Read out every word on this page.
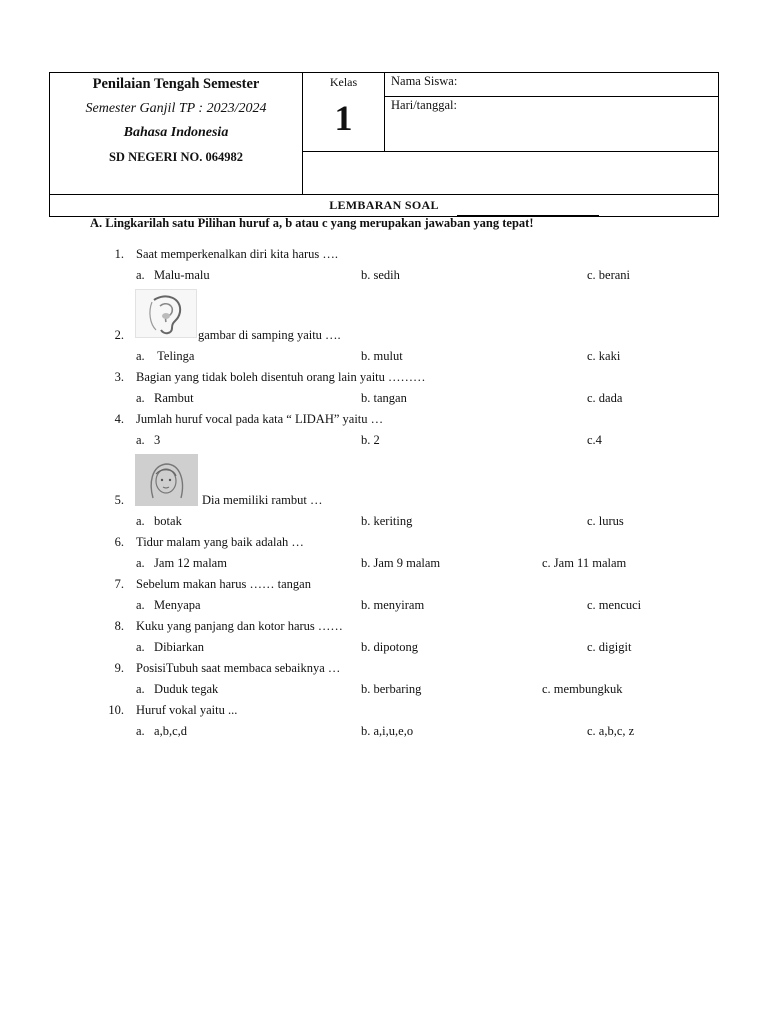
Penilaian Tengah Semester
Semester Ganjil TP : 2023/2024
Bahasa Indonesia
SD NEGERI NO. 064982
Kelas
1
Nama Siswa:
Hari/tanggal:
LEMBARAN SOAL
A. Lingkarilah satu Pilihan huruf a, b atau c yang merupakan jawaban yang tepat!
1. Saat memperkenalkan diri kita harus ….
a.   Malu-malu	b. sedih	c. berani
2.	gambar di samping yaitu ….
a.    Telinga	b. mulut	c. kaki
3. Bagian yang tidak boleh disentuh orang lain yaitu ………
a.   Rambut	b. tangan	c. dada
4. Jumlah huruf vocal pada kata “ LIDAH” yaitu …
a.   3	b. 2	c.4
5.	Dia memiliki rambut …
a.   botak	b. keriting	c. lurus
6. Tidur malam yang baik adalah …
a.   Jam 12 malam	b. Jam 9 malam	c. Jam 11 malam
7. Sebelum makan harus …… tangan
a.   Menyapa	b. menyiram	c. mencuci
8. Kuku yang panjang dan kotor harus ……
a.   Dibiarkan	b. dipotong	c. digigit
9. PosisiTubuh saat membaca sebaiknya …
a.   Duduk tegak	b. berbaring	c. membungkuk
10. Huruf vokal yaitu ...
a.   a,b,c,d	b. a,i,u,e,o	c. a,b,c, z
